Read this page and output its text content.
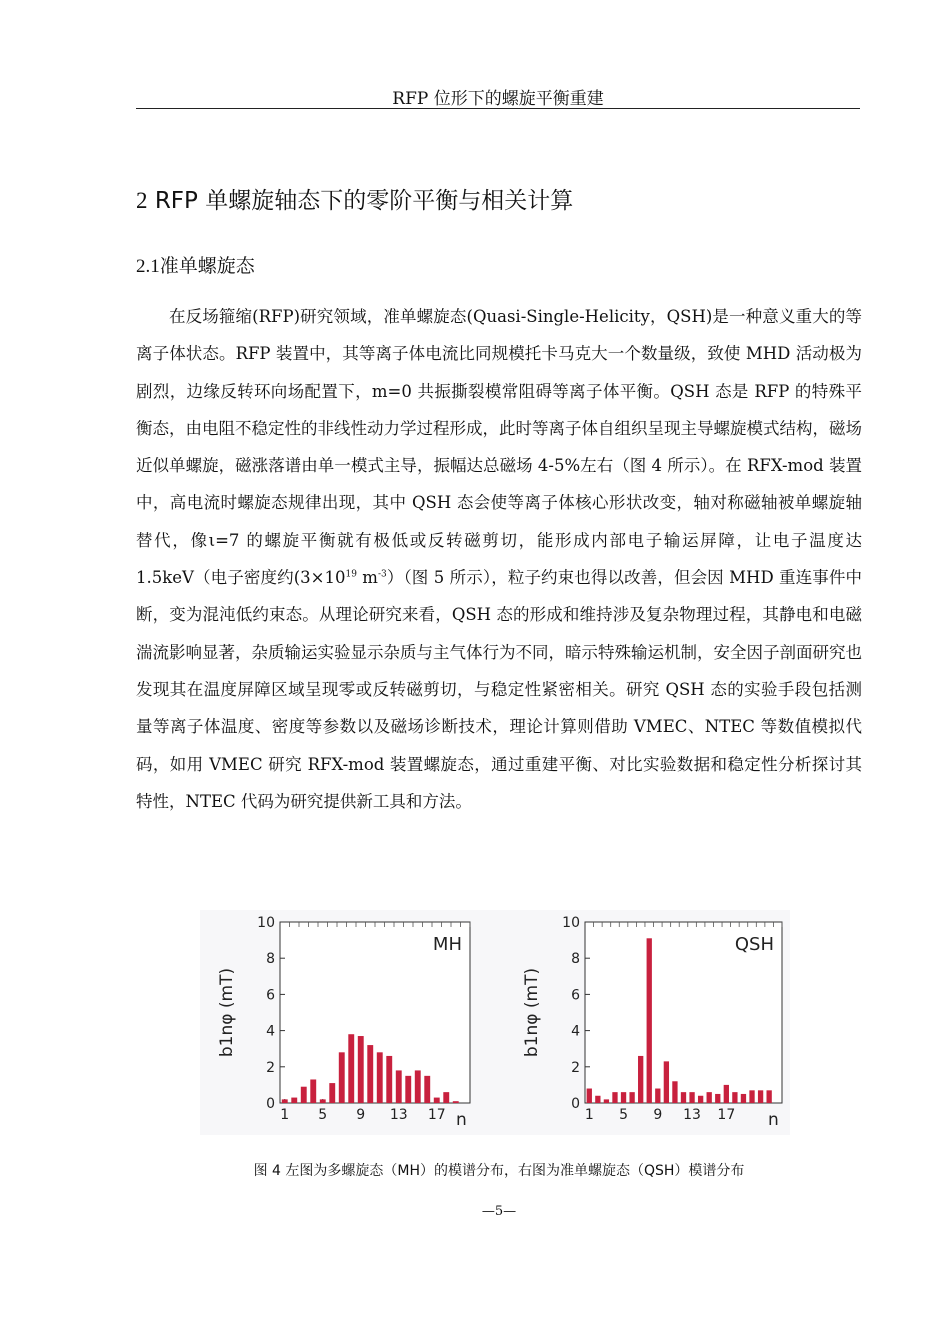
RFP 位形下的螺旋平衡重建
2 RFP 单螺旋轴态下的零阶平衡与相关计算
2.1准单螺旋态

在反场箍缩(RFP)研究领域，准单螺旋态(Quasi-Single-Helicity，QSH)是一种意义重大的等离子体状态。RFP 装置中，其等离子体电流比同规模托卡马克大一个数量级，致使 MHD 活动极为剧烈，边缘反转环向场配置下，m=0 共振撕裂模常阻碍等离子体平衡。QSH 态是 RFP 的特殊平衡态，由电阻不稳定性的非线性动力学过程形成，此时等离子体自组织呈现主导螺旋模式结构，磁场近似单螺旋，磁涨落谱由单一模式主导，振幅达总磁场 4-5%左右（图 4 所示）。在 RFX-mod 装置中，高电流时螺旋态规律出现，其中 QSH 态会使等离子体核心形状改变，轴对称磁轴被单螺旋轴替代，像ι=7 的螺旋平衡就有极低或反转磁剪切，能形成内部电子输运屏障，让电子温度达 1.5keV（电子密度约($3\times 10^{19}$ $m^{-3}$）（图 5 所示），粒子约束也得以改善，但会因 MHD 重连事件中断，变为混沌低约束态。从理论研究来看，QSH 态的形成和维持涉及复杂物理过程，其静电和电磁湍流影响显著，杂质输运实验显示杂质与主气体行为不同，暗示特殊输运机制，安全因子剖面研究也发现其在温度屏障区域呈现零或反转磁剪切，与稳定性紧密相关。研究 QSH 态的实验手段包括测量等离子体温度、密度等参数以及磁场诊断技术，理论计算则借助 VMEC、NTEC 等数值模拟代码，如用 VMEC 研究 RFX-mod 装置螺旋态，通过重建平衡、对比实验数据和稳定性分析探讨其特性，NTEC 代码为研究提供新工具和方法。

0
2
4
6
8
10
1 5 9 13 17 n
b1nφ (mT)
MH
0
2
4
6
8
10
1 5 9 13 17 n
b1nφ (mT)
QSH
图 4 左图为多螺旋态（MH）的模谱分布，右图为准单螺旋态（QSH）模谱分布
—5—
